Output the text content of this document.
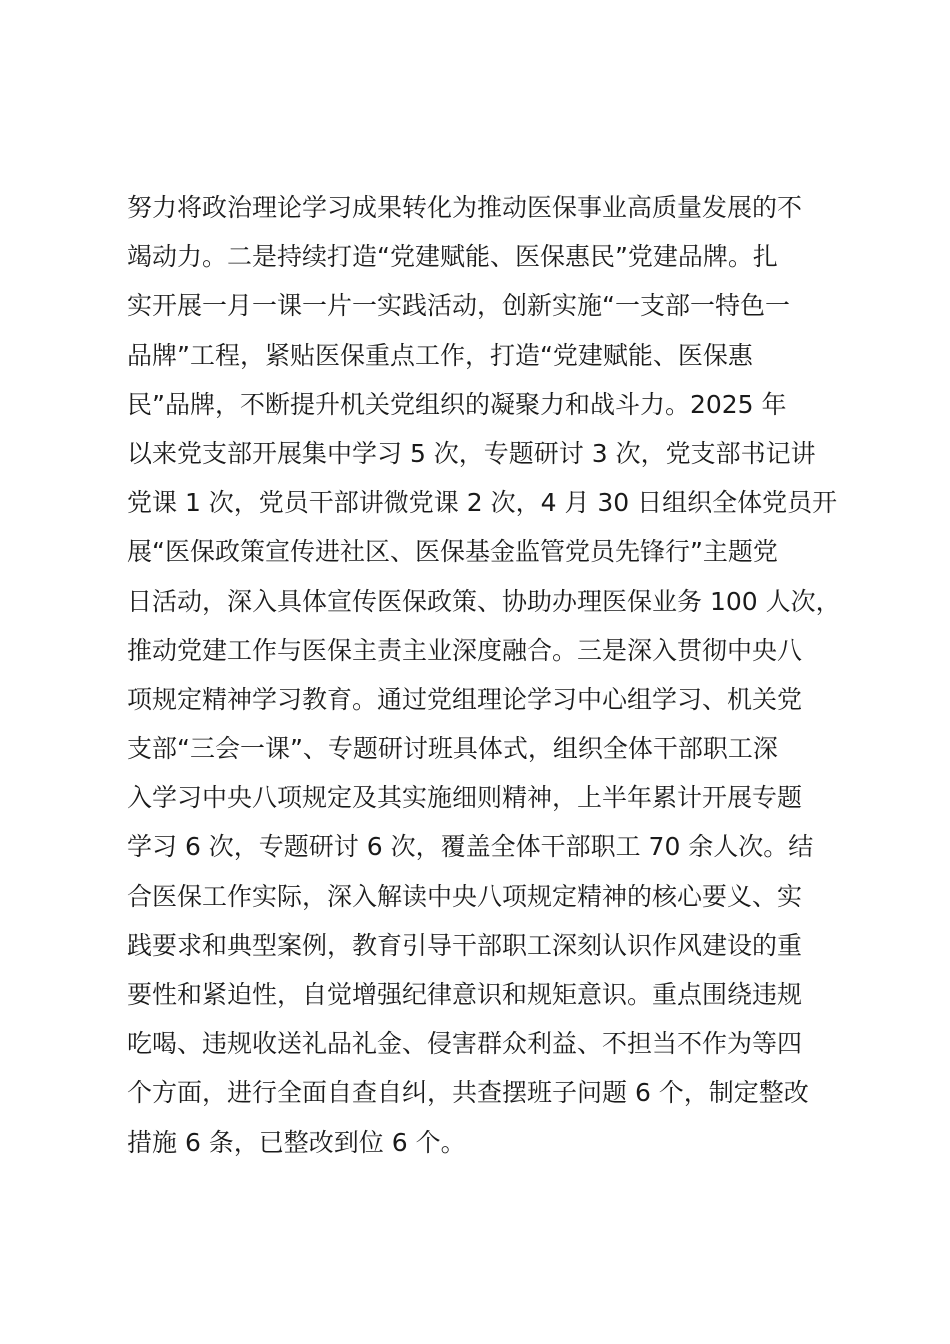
努力将政治理论学习成果转化为推动医保事业高质量发展的不
竭动力。二是持续打造“党建赋能、医保惠民”党建品牌。扎
实开展一月一课一片一实践活动，创新实施“一支部一特色一
品牌”工程，紧贴医保重点工作，打造“党建赋能、医保惠
民”品牌，不断提升机关党组织的凝聚力和战斗力。2025 年
以来党支部开展集中学习 5 次，专题研讨 3 次，党支部书记讲
党课 1 次，党员干部讲微党课 2 次，4 月 30 日组织全体党员开
展“医保政策宣传进社区、医保基金监管党员先锋行”主题党
日活动，深入具体宣传医保政策、协助办理医保业务 100 人次，
推动党建工作与医保主责主业深度融合。三是深入贯彻中央八
项规定精神学习教育。通过党组理论学习中心组学习、机关党
支部“三会一课”、专题研讨班具体式，组织全体干部职工深
入学习中央八项规定及其实施细则精神，上半年累计开展专题
学习 6 次，专题研讨 6 次，覆盖全体干部职工 70 余人次。结
合医保工作实际，深入解读中央八项规定精神的核心要义、实
践要求和典型案例，教育引导干部职工深刻认识作风建设的重
要性和紧迫性，自觉增强纪律意识和规矩意识。重点围绕违规
吃喝、违规收送礼品礼金、侵害群众利益、不担当不作为等四
个方面，进行全面自查自纠，共查摆班子问题 6 个，制定整改
措施 6 条，已整改到位 6 个。
